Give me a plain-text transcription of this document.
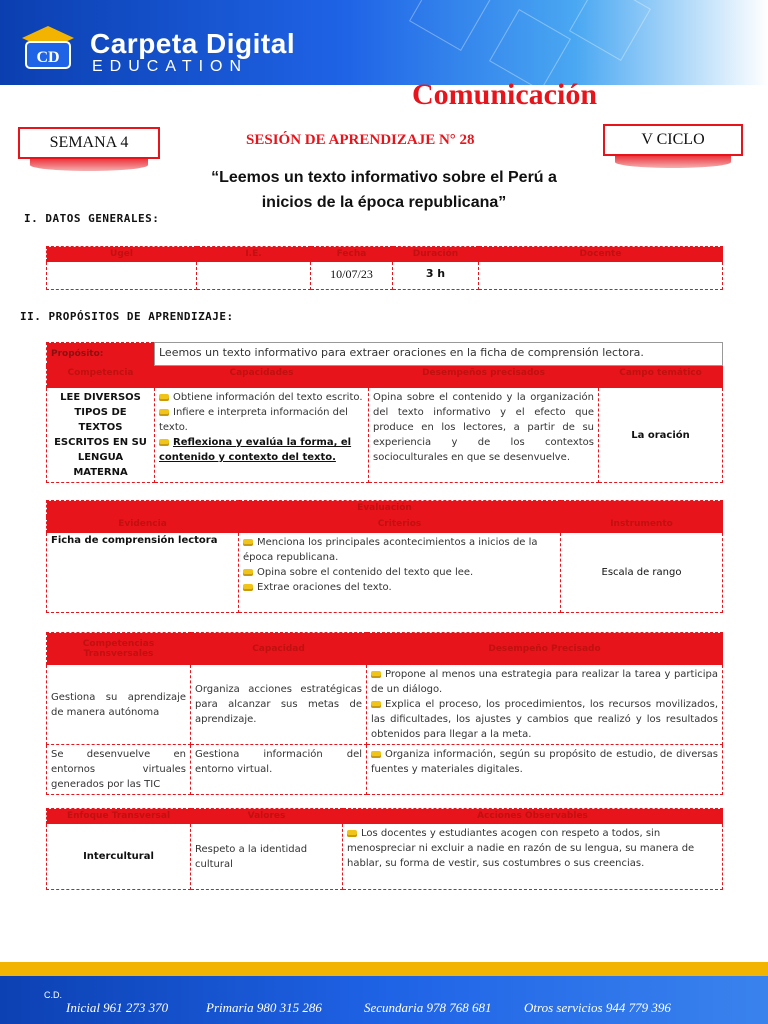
CD Carpeta Digital
EDUCATION
Comunicación
SEMANA 4	SESIÓN DE APRENDIZAJE N° 28	V CICLO
“Leemos un texto informativo sobre el Perú a
inicios de la época republicana”
I. DATOS GENERALES:
Ugel	I.E.	Fecha	Duración	Docente
		10/07/23	3 h	
II. PROPÓSITOS DE APRENDIZAJE:
Propósito:	Leemos un texto informativo para extraer oraciones en la ficha de comprensión lectora.		
Competencia	Capacidades	Desempeños precisados	Campo temático
LEE DIVERSOS TIPOS DE TEXTOS ESCRITOS EN SU LENGUA MATERNA	Obtiene información del texto escrito.
Infiere e interpreta información del texto.
Reflexiona y evalúa la forma, el contenido y contexto del texto.	Opina sobre el contenido y la organización del texto informativo y el efecto que produce en los lectores, a partir de su experiencia y de los contextos socioculturales en que se desenvuelve.	La oración
Evaluación		
Evidencia	Criterios	Instrumento
Ficha de comprensión lectora	Menciona los principales acontecimientos a inicios de la época republicana.
Opina sobre el contenido del texto que lee.
Extrae oraciones del texto.	Escala de rango
Competencias Transversales	Capacidad	Desempeño Precisado
Gestiona su aprendizaje de manera autónoma	Organiza acciones estratégicas para alcanzar sus metas de aprendizaje.	Propone al menos una estrategia para realizar la tarea y participa de un diálogo.
Explica el proceso, los procedimientos, los recursos movilizados, las dificultades, los ajustes y cambios que realizó y los resultados obtenidos para llegar a la meta.

Se desenvuelve en entornos virtuales generados por las TIC	Gestiona información del entorno virtual.	Organiza información, según su propósito de estudio, de diversas fuentes y materiales digitales.
Enfoque Transversal	Valores	Acciones Observables
Intercultural	Respeto a la identidad cultural	Los docentes y estudiantes acogen con respeto a todos, sin menospreciar ni excluir a nadie en razón de su lengua, su manera de hablar, su forma de vestir, sus costumbres o sus creencias.
C.D.
Inicial 961 273 370	Primaria 980 315 286	Secundaria 978 768 681	Otros servicios 944 779 396
